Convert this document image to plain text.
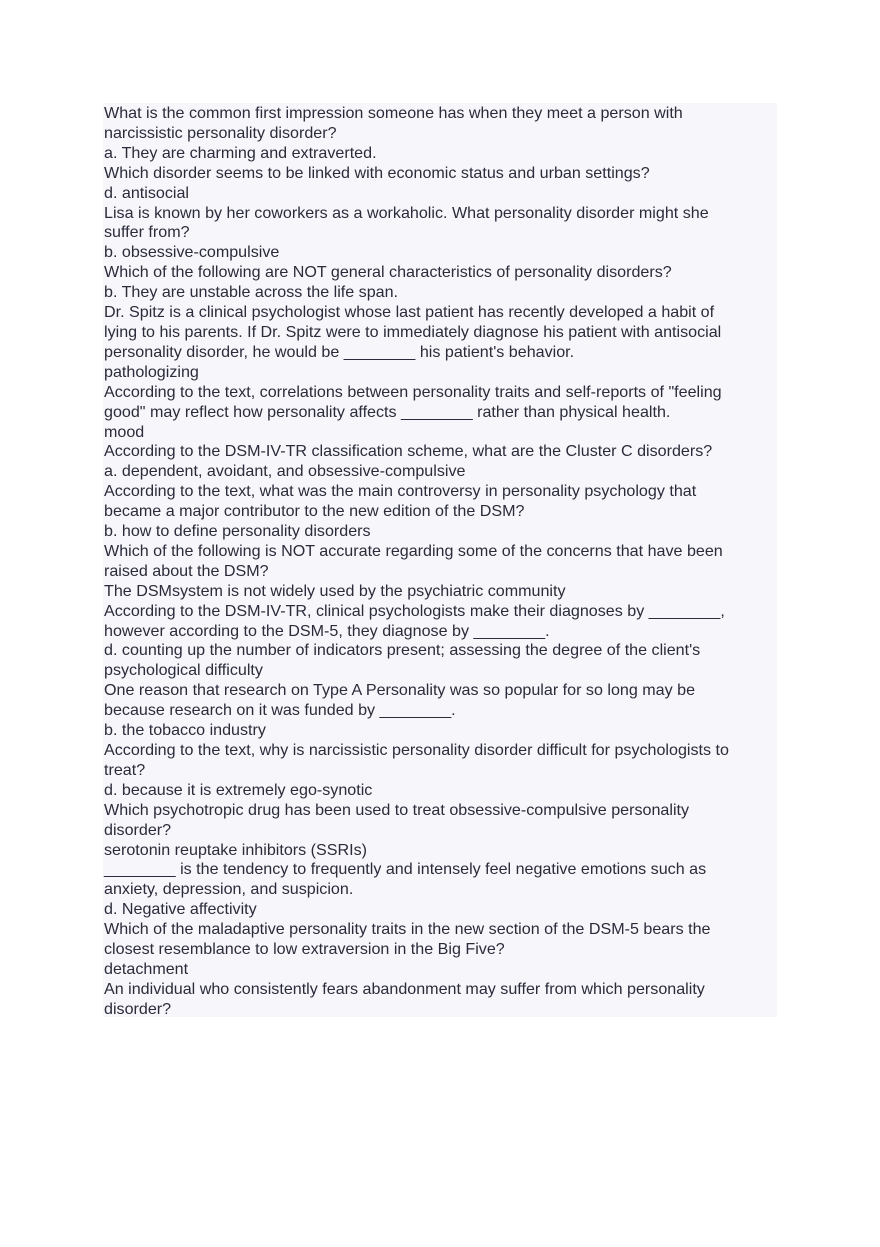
What is the common first impression someone has when they meet a person with
narcissistic personality disorder?
a. They are charming and extraverted.
Which disorder seems to be linked with economic status and urban settings?
d. antisocial
Lisa is known by her coworkers as a workaholic. What personality disorder might she
suffer from?
b. obsessive-compulsive
Which of the following are NOT general characteristics of personality disorders?
b. They are unstable across the life span.
Dr. Spitz is a clinical psychologist whose last patient has recently developed a habit of
lying to his parents. If Dr. Spitz were to immediately diagnose his patient with antisocial
personality disorder, he would be ________ his patient's behavior.
pathologizing
According to the text, correlations between personality traits and self-reports of "feeling
good" may reflect how personality affects ________ rather than physical health.
mood
According to the DSM-IV-TR classification scheme, what are the Cluster C disorders?
a. dependent, avoidant, and obsessive-compulsive
According to the text, what was the main controversy in personality psychology that
became a major contributor to the new edition of the DSM?
b. how to define personality disorders
Which of the following is NOT accurate regarding some of the concerns that have been
raised about the DSM?
The DSMsystem is not widely used by the psychiatric community
According to the DSM-IV-TR, clinical psychologists make their diagnoses by ________,
however according to the DSM-5, they diagnose by ________.
d. counting up the number of indicators present; assessing the degree of the client's
psychological difficulty
One reason that research on Type A Personality was so popular for so long may be
because research on it was funded by ________.
b. the tobacco industry
According to the text, why is narcissistic personality disorder difficult for psychologists to
treat?
d. because it is extremely ego-synotic
Which psychotropic drug has been used to treat obsessive-compulsive personality
disorder?
serotonin reuptake inhibitors (SSRIs)
________ is the tendency to frequently and intensely feel negative emotions such as
anxiety, depression, and suspicion.
d. Negative affectivity
Which of the maladaptive personality traits in the new section of the DSM-5 bears the
closest resemblance to low extraversion in the Big Five?
detachment
An individual who consistently fears abandonment may suffer from which personality
disorder?
